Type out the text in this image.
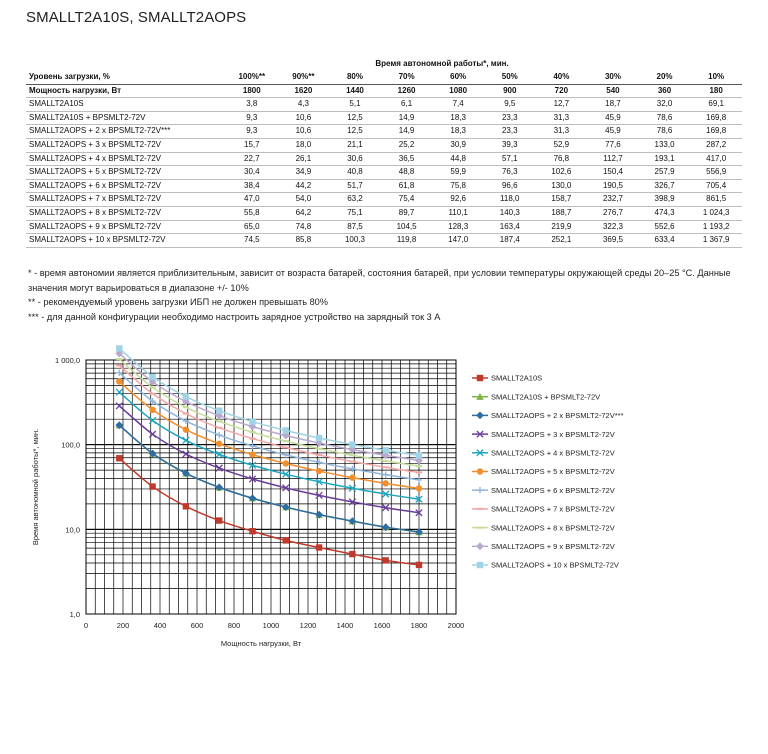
SMALLT2A10S, SMALLT2AOPS
										Время автономной работы*, мин.
Уровень загрузки, %	100%**	90%**	80%	70%	60%	50%	40%	30%	20%	10%
Мощность нагрузки, Вт	1800	1620	1440	1260	1080	900	720	540	360	180
SMALLT2A10S	3,8	4,3	5,1	6,1	7,4	9,5	12,7	18,7	32,0	69,1
SMALLT2A10S + BPSMLT2-72V	9,3	10,6	12,5	14,9	18,3	23,3	31,3	45,9	78,6	169,8
SMALLT2AOPS + 2 x BPSMLT2-72V***	9,3	10,6	12,5	14,9	18,3	23,3	31,3	45,9	78,6	169,8
SMALLT2AOPS + 3 x BPSMLT2-72V	15,7	18,0	21,1	25,2	30,9	39,3	52,9	77,6	133,0	287,2
SMALLT2AOPS + 4 x BPSMLT2-72V	22,7	26,1	30,6	36,5	44,8	57,1	76,8	112,7	193,1	417,0
SMALLT2AOPS + 5 x BPSMLT2-72V	30,4	34,9	40,8	48,8	59,9	76,3	102,6	150,4	257,9	556,9
SMALLT2AOPS + 6 x BPSMLT2-72V	38,4	44,2	51,7	61,8	75,8	96,6	130,0	190,5	326,7	705,4
SMALLT2AOPS + 7 x BPSMLT2-72V	47,0	54,0	63,2	75,4	92,6	118,0	158,7	232,7	398,9	861,5
SMALLT2AOPS + 8 x BPSMLT2-72V	55,8	64,2	75,1	89,7	110,1	140,3	188,7	276,7	474,3	1 024,3
SMALLT2AOPS + 9 x BPSMLT2-72V	65,0	74,8	87,5	104,5	128,3	163,4	219,9	322,3	552,6	1 193,2
SMALLT2AOPS + 10 x BPSMLT2-72V	74,5	85,8	100,3	119,8	147,0	187,4	252,1	369,5	633,4	1 367,9
* - время автономии является приблизительным, зависит от возраста батарей, состояния батарей, при условии температуры окружающей среды 20–25 °C. Данные значения могут варьироваться в диапазоне +/- 10%
** - рекомендуемый уровень загрузки ИБП не должен превышать 80%
*** - для данной конфигурации необходимо настроить зарядное устройство на зарядный ток 3 А
1,0
10,0
100,0
1 000,0
0	200	400	600	800	1000	1200	1400	1600	1800	2000
Мощность нагрузки, Вт
Время автономной работы*, мин.
SMALLT2A10S
SMALLT2A10S + BPSMLT2-72V
SMALLT2AOPS + 2 x BPSMLT2-72V***
SMALLT2AOPS + 3 x BPSMLT2-72V
SMALLT2AOPS + 4 x BPSMLT2-72V
SMALLT2AOPS + 5 x BPSMLT2-72V
SMALLT2AOPS + 6 x BPSMLT2-72V
SMALLT2AOPS + 7 x BPSMLT2-72V
SMALLT2AOPS + 8 x BPSMLT2-72V
SMALLT2AOPS + 9 x BPSMLT2-72V
SMALLT2AOPS + 10 x BPSMLT2-72V
